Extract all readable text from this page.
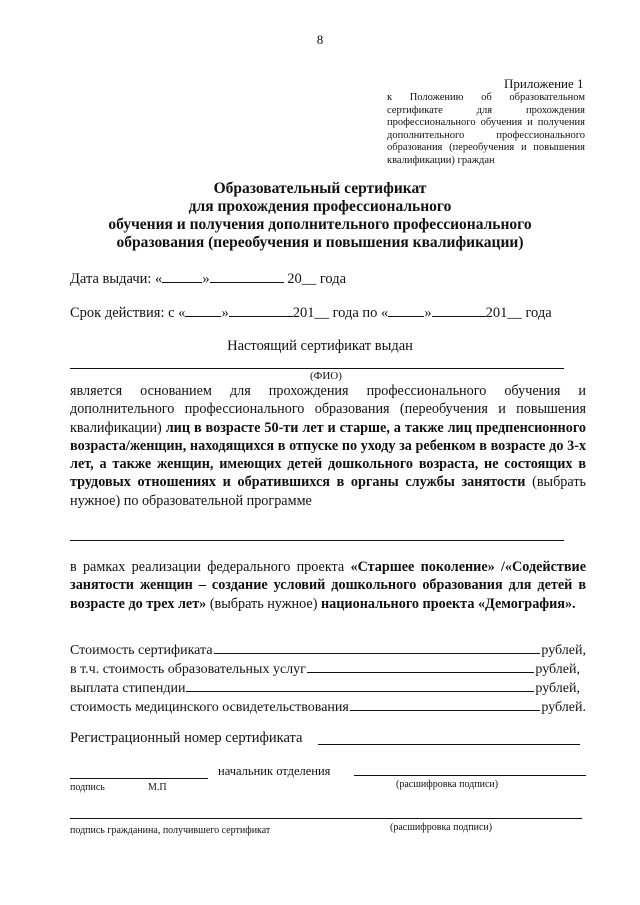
8
Приложение 1
к Положению об образовательном сертификате для прохождения профессионального обучения и получения дополнительного профессионального образования (переобучения и повышения квалификации) граждан
Образовательный сертификат
для прохождения профессионального
обучения и получения дополнительного профессионального
образования (переобучения и повышения квалификации)
Дата выдачи: «	»	20__ года
Срок действия: с « »	201__ года по « »	201__ года
Настоящий сертификат выдан
(ФИО)
является основанием для прохождения профессионального обучения и дополнительного профессионального образования (переобучения и повышения квалификации) лиц в возрасте 50-ти лет и старше, а также лиц предпенсионного возраста/женщин, находящихся в отпуске по уходу за ребенком в возрасте до 3-х лет, а также женщин, имеющих детей дошкольного возраста, не состоящих в трудовых отношениях и обратившихся в органы службы занятости (выбрать нужное) по образовательной программе
в рамках реализации федерального проекта «Старшее поколение» /«Содействие занятости женщин – создание условий дошкольного образования для детей в возрасте до трех лет» (выбрать нужное) национального проекта «Демография».
Стоимость сертификата	рублей,
в т.ч. стоимость образовательных услуг	рублей,
выплата стипендии	рублей,
стоимость медицинского освидетельствования	рублей.
Регистрационный номер сертификата
начальник отделения
подпись	М.П	(расшифровка подписи)
подпись гражданина, получившего сертификат	(расшифровка подписи)
